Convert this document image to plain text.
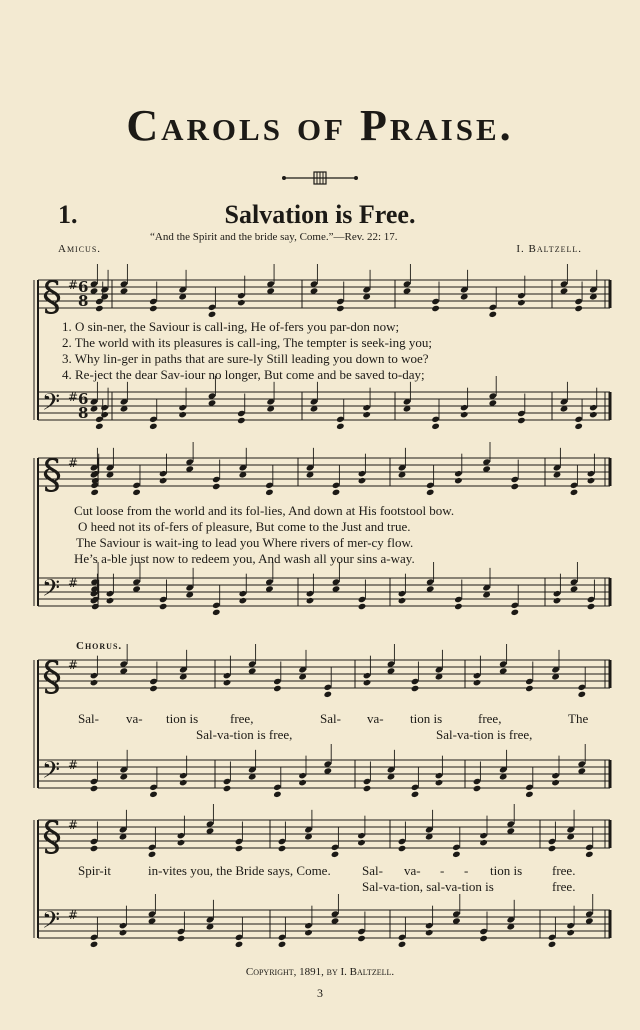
Carols of Praise.
1.	Salvation is Free.
“And the Spirit and the bride say, Come.”—Rev. 22: 17.
Amicus.	I. Baltzell.
1. O sin-ner, the Saviour is call-ing, He of-fers you par-don now;
2. The world with its pleasures is call-ing, The tempter is seek-ing you;
3. Why lin-ger in paths that are sure-ly Still leading you down to woe?
4. Re-ject the dear Sav-iour no longer, But come and be saved to-day;
Cut loose from the world and its fol-lies, And down at His footstool bow.
O heed not its of-fers of pleasure, But come to the Just and true.
The Saviour is wait-ing to lead you Where rivers of mer-cy flow.
He’s a-ble just now to redeem you, And wash all your sins a-way.
Chorus.
Sal- va- tion is free,	Sal- va- tion is	free,	The
Sal-va-tion is free,	Sal-va-tion is free,
Spir-it	in-vites you, the Bride says, Come. Sal- va- - - tion is free.
Sal-va-tion, sal-va-tion is	free.
Copyright, 1891, by I. Baltzell.
3
§ #
𝄢 #
§ #
𝄢 #
§ #
𝄢 #
§ #
𝄢 #
6
8
6
8
